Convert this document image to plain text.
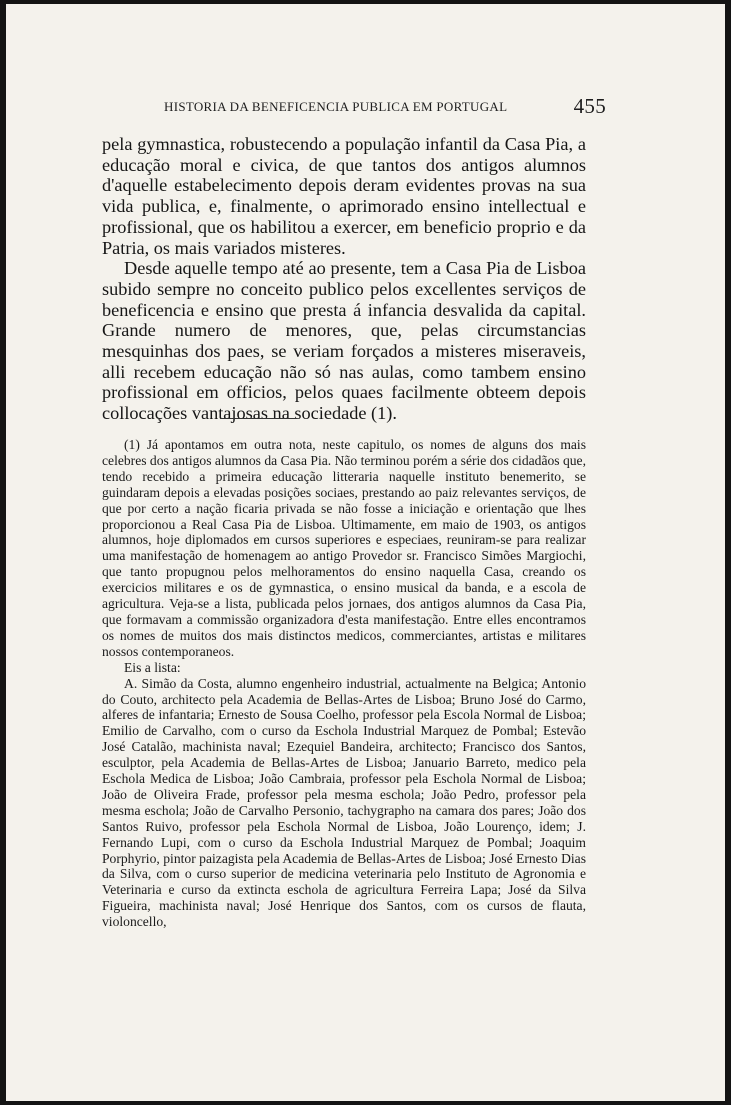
HISTORIA DA BENEFICENCIA PUBLICA EM PORTUGAL	455

pela gymnastica, robustecendo a população infantil da Casa Pia, a educação moral e civica, de que tantos dos antigos alumnos d'aquelle estabelecimento depois deram evidentes provas na sua vida publica, e, finalmente, o aprimorado ensino intellectual e profissional, que os habilitou a exercer, em beneficio proprio e da Patria, os mais variados misteres.

Desde aquelle tempo até ao presente, tem a Casa Pia de Lisboa subido sempre no conceito publico pelos excellentes serviços de beneficencia e ensino que presta á infancia desvalida da capital. Grande numero de menores, que, pelas circumstancias mesquinhas dos paes, se veriam forçados a misteres miseraveis, alli recebem educação não só nas aulas, como tambem ensino profissional em officios, pelos quaes facilmente obteem depois collocações vantajosas na sociedade (1).

(1) Já apontamos em outra nota, neste capitulo, os nomes de alguns dos mais celebres dos antigos alumnos da Casa Pia. Não terminou porém a série dos cidadãos que, tendo recebido a primeira educação litteraria naquelle instituto benemerito, se guindaram depois a elevadas posições sociaes, prestando ao paiz relevantes serviços, de que por certo a nação ficaria privada se não fosse a iniciação e orientação que lhes proporcionou a Real Casa Pia de Lisboa. Ultimamente, em maio de 1903, os antigos alumnos, hoje diplomados em cursos superiores e especiaes, reuniram-se para realizar uma manifestação de homenagem ao antigo Provedor sr. Francisco Simões Margiochi, que tanto propugnou pelos melhoramentos do ensino naquella Casa, creando os exercicios militares e os de gymnastica, o ensino musical da banda, e a escola de agricultura. Veja-se a lista, publicada pelos jornaes, dos antigos alumnos da Casa Pia, que formavam a commissão organizadora d'esta manifestação. Entre elles encontramos os nomes de muitos dos mais distinctos medicos, commerciantes, artistas e militares nossos contemporaneos.

Eis a lista:

A. Simão da Costa, alumno engenheiro industrial, actualmente na Belgica; Antonio do Couto, architecto pela Academia de Bellas-Artes de Lisboa; Bruno José do Carmo, alferes de infantaria; Ernesto de Sousa Coelho, professor pela Escola Normal de Lisboa; Emilio de Carvalho, com o curso da Escholа Industrial Marquez de Pombal; Estevão José Catalão, machinista naval; Ezequiel Bandeira, architecto; Francisco dos Santos, esculptor, pela Academia de Bellas-Artes de Lisboa; Januario Barreto, medico pela Eschola Medica de Lisboa; João Cambraia, professor pela Eschola Normal de Lisboa; João de Oliveira Frade, professor pela mesma eschola; João Pedro, professor pela mesma eschola; João de Carvalho Personio, tachygrapho na camara dos pares; João dos Santos Ruivo, professor pela Eschola Normal de Lisboa, João Lourenço, idem; J. Fernando Lupi, com o curso da Eschola Industrial Marquez de Pombal; Joaquim Porphyrio, pintor paizagista pela Academia de Bellas-Artes de Lisboa; José Ernesto Dias da Silva, com o curso superior de medicina veterinaria pelo Instituto de Agronomia e Veterinaria e curso da extincta eschola de agricultura Ferreira Lapa; José da Silva Figueira, machinista naval; José Henrique dos Santos, com os cursos de flauta, violoncello,
